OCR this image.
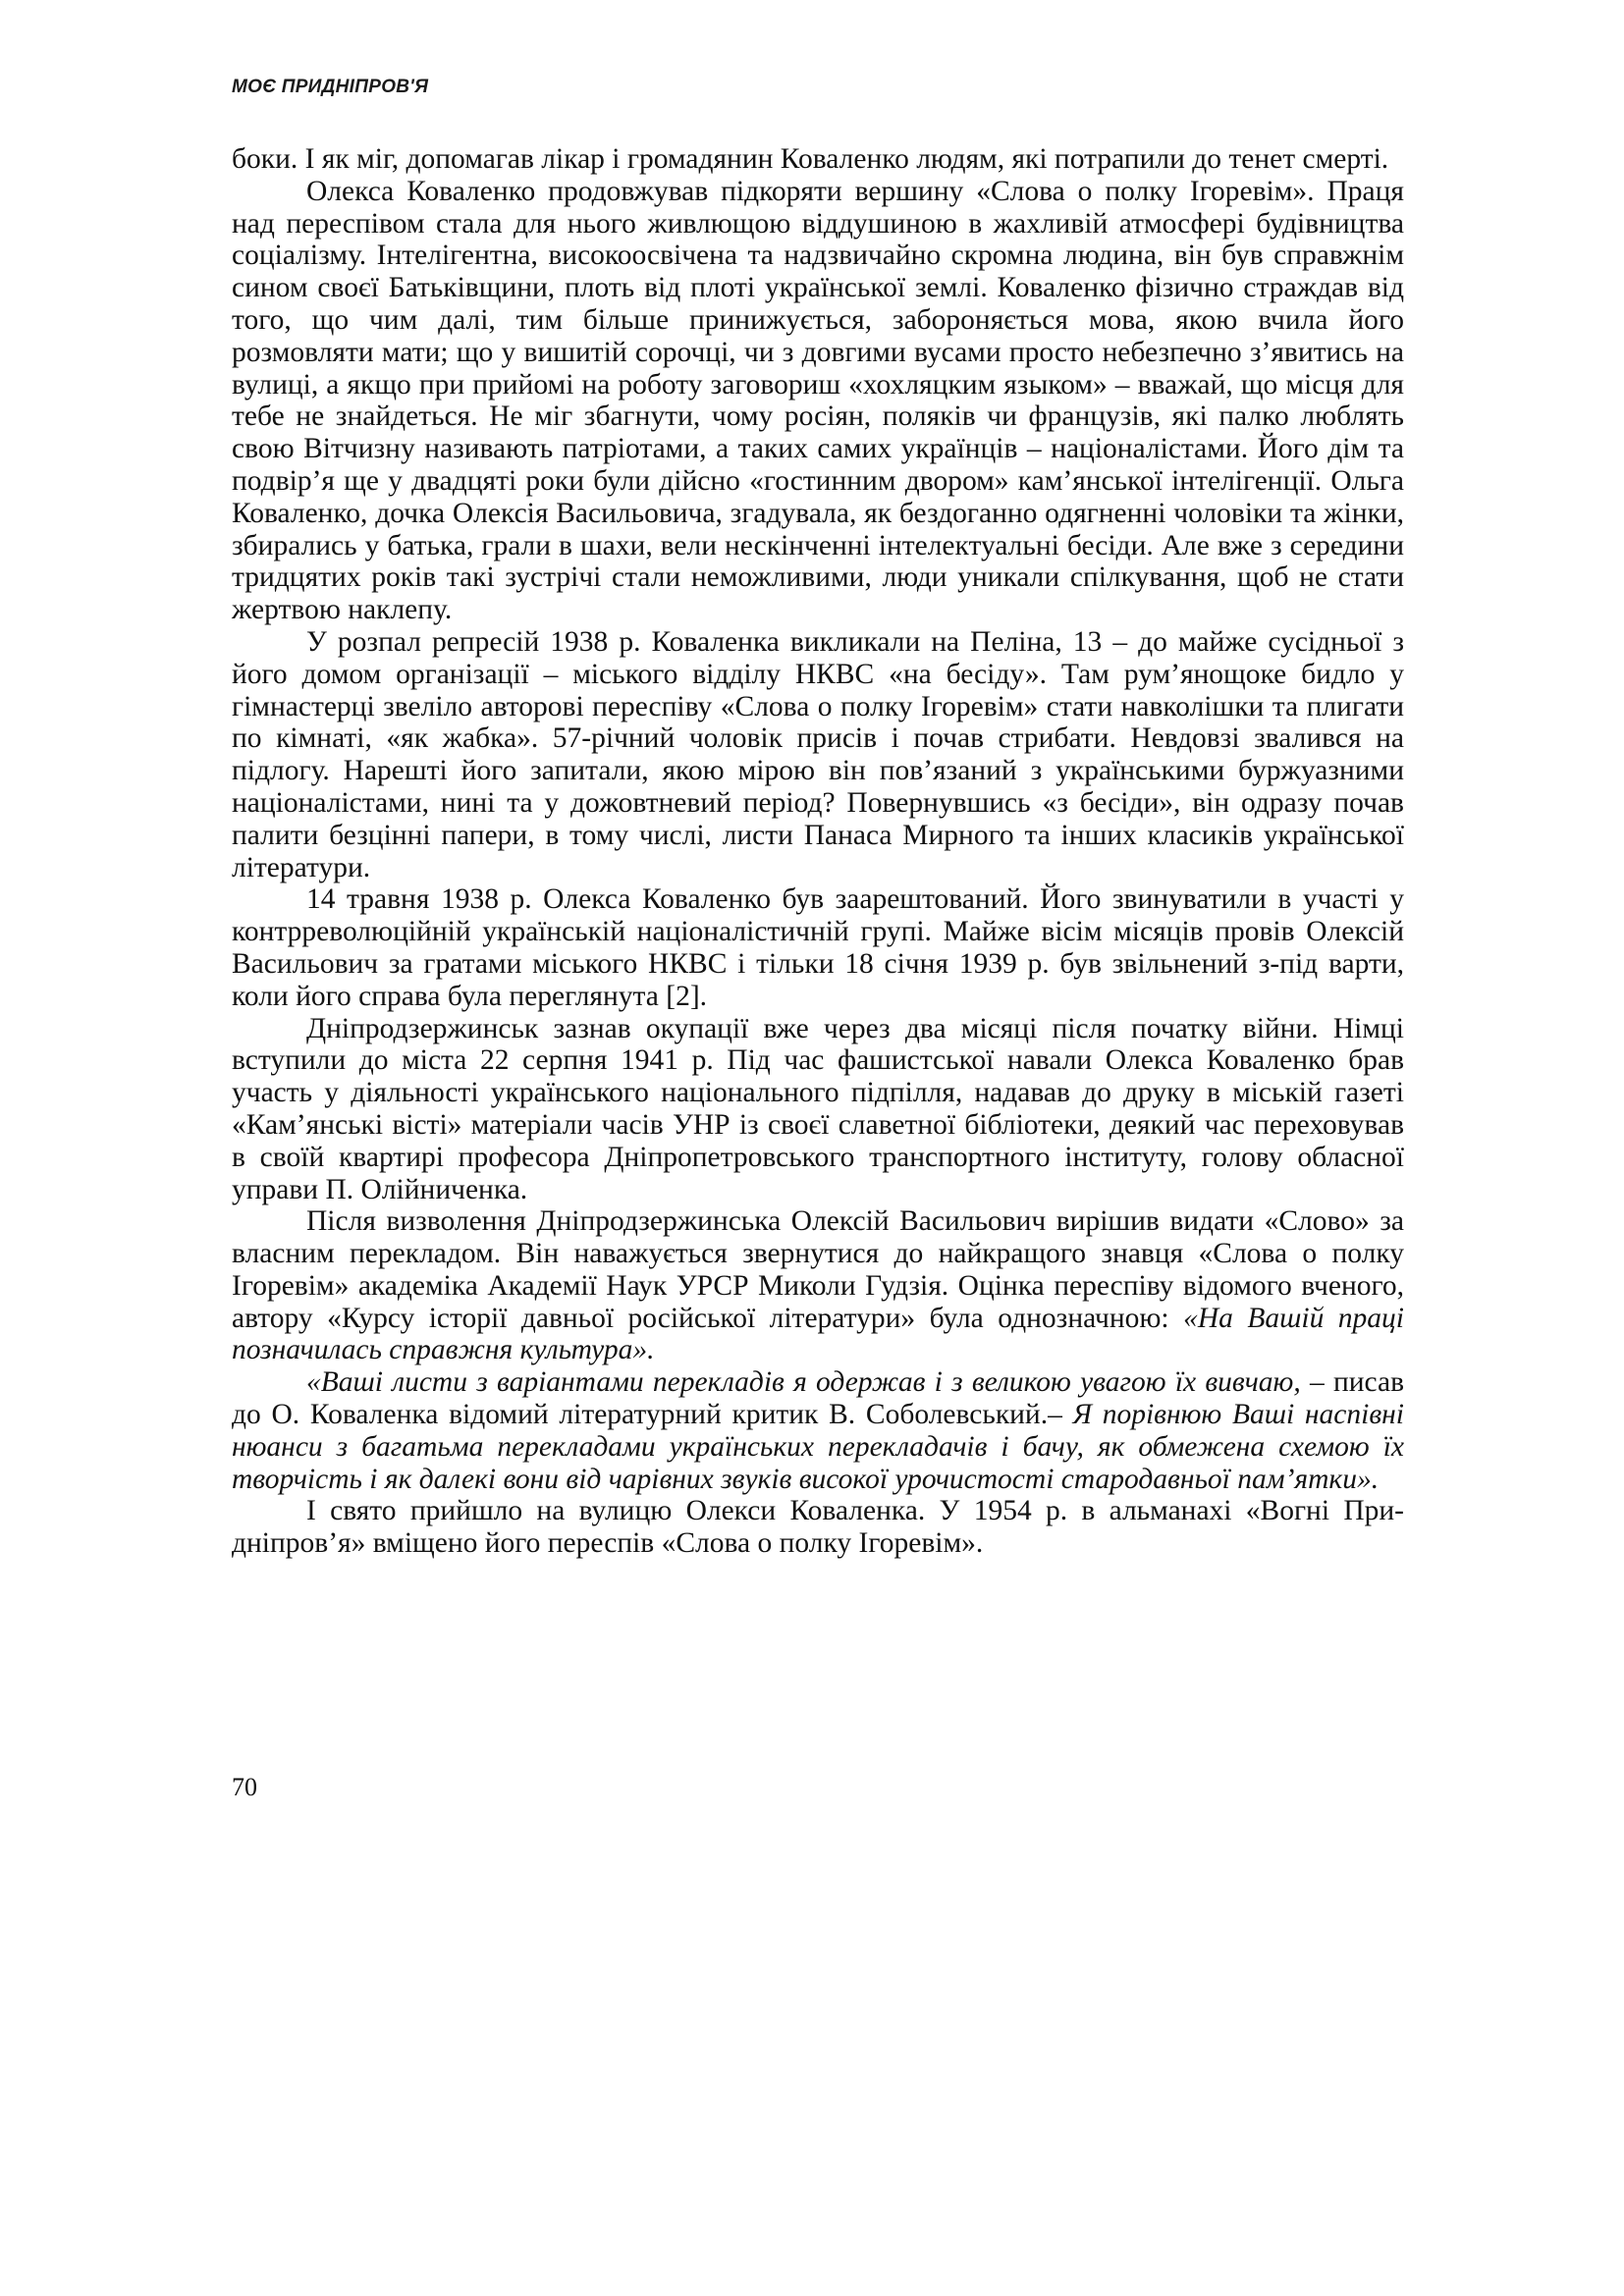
МОЄ ПРИДНІПРОВ'Я

боки. І як міг, допомагав лікар і громадянин Коваленко людям, які потрапили до тенет смерті.

Олекса Коваленко продовжував підкоряти вершину «Слова о полку Ігоревім». Праця над переспівом стала для нього живлющою віддушиною в жахливій атмосфері будівництва соціалізму. Інтелігентна, високоосвічена та надзвичайно скромна людина, він був справжнім сином своєї Батьківщини, плоть від плоті української землі. Коваленко фізично страждав від того, що чим далі, тим більше принижується, забороняється мова, якою вчила його розмовляти мати; що у вишитій сорочці, чи з довгими вусами просто небезпечно з’явитись на вулиці, а якщо при прийомі на роботу заговориш «хохляцким языком» – вважай, що місця для тебе не знайдеться. Не міг збагнути, чому росіян, поляків чи французів, які палко люблять свою Вітчизну називають патріотами, а таких самих українців – націоналістами. Його дім та подвір’я ще у двадцяті роки були дійсно «гостинним двором» кам’янської інтелігенції. Ольга Коваленко, дочка Олексія Васильовича, згадувала, як бездоганно одягненні чоловіки та жінки, збирались у батька, грали в шахи, вели нескінченні інтелектуальні бесіди. Але вже з середини тридцятих років такі зустрічі стали неможливими, люди уникали спілкування, щоб не стати жертвою наклепу.

У розпал репресій 1938 р. Коваленка викликали на Пеліна, 13 – до майже сусідньої з його домом організації – міського відділу НКВС «на бесіду». Там рум’янощоке бидло у гімнастерці звеліло авторові переспіву «Слова о полку Ігоревім» стати навколішки та плигати по кімнаті, «як жабка». 57-річний чоловік присів і почав стрибати. Невдовзі звалився на підлогу. Нарешті його запитали, якою мірою він пов’язаний з українськими буржуазними націоналістами, нині та у дожовтневий період? Повернувшись «з бесіди», він одразу почав палити безцінні папери, в тому числі, листи Панаса Мирного та інших класиків української літератури.

14 травня 1938 р. Олекса Коваленко був заарештований. Його звинуватили в участі у контрреволюційній українській націоналістичній групі. Майже вісім місяців провів Олексій Васильович за гратами міського НКВС і тільки 18 січня 1939 р. був звільнений з-під варти, коли його справа була переглянута [2].

Дніпродзержинськ зазнав окупації вже через два місяці після початку війни. Німці вступили до міста 22 серпня 1941 р. Під час фашистської навали Олекса Коваленко брав участь у діяльності українського національного підпілля, надавав до друку в міській газеті «Кам’янські вісті» матеріали часів УНР із своєї славетної бібліотеки, деякий час переховував в своїй квартирі професора Дніпропетровського транспортного інституту, голову обласної управи П. Олійниченка.

Після визволення Дніпродзержинська Олексій Васильович вирішив видати «Слово» за власним перекладом. Він наважується звернутися до найкращого знавця «Слова о полку Ігоревім» академіка Академії Наук УРСР Миколи Гудзія. Оцінка переспіву відомого вченого, автору «Курсу історії давньої російської літератури» була однозначною: «На Вашій праці позначилась справжня культура».

«Ваші листи з варіантами перекладів я одержав і з великою увагою їх вивчаю, – писав до О. Коваленка відомий літературний критик В. Соболевський.– Я порівнюю Ваші наспівні нюанси з багатьма перекладами українських перекладачів і бачу, як обмежена схемою їх творчість і як далекі вони від чарівних звуків високої урочистості стародавньої пам’ятки».

І свято прийшло на вулицю Олекси Коваленка. У 1954 р. в альманахі «Вогні Придніпров’я» вміщено його переспів «Слова о полку Ігоревім».

70
